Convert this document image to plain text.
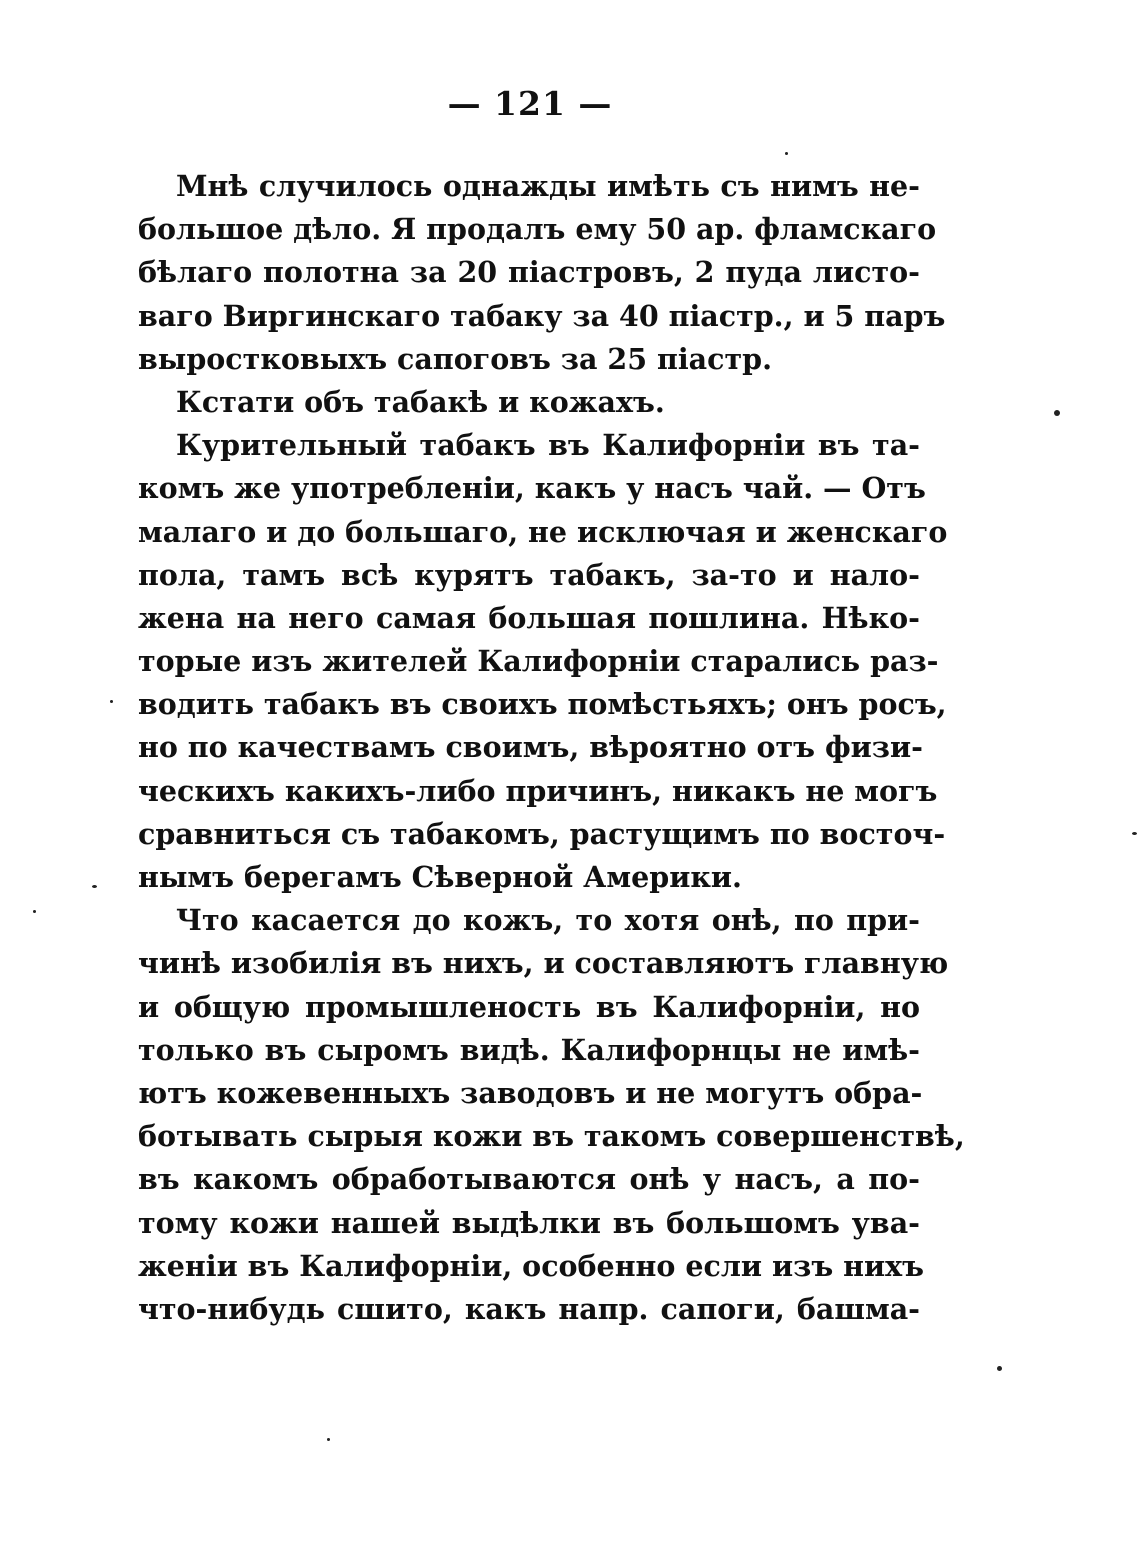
— 121 —
Мнѣ случилось однажды имѣть съ нимъ не-
большое дѣло. Я продалъ ему 50 ар. фламскаго
бѣлаго полотна за 20 піастровъ, 2 пуда листо-
ваго Виргинскаго табаку за 40 піастр., и 5 паръ
выростковыхъ сапоговъ за 25 піастр.
Кстати объ табакѣ и кожахъ.
Курительный табакъ въ Калифорніи въ та-
комъ же употребленіи, какъ у насъ чай. — Отъ
малаго и до большаго, не исключая и женскаго
пола, тамъ всѣ курятъ табакъ, за-то и нало-
жена на него самая большая пошлина. Нѣко-
торые изъ жителей Калифорніи старались раз-
водить табакъ въ своихъ помѣстьяхъ; онъ росъ,
но по качествамъ своимъ, вѣроятно отъ физи-
ческихъ какихъ-либо причинъ, никакъ не могъ
сравниться съ табакомъ, растущимъ по восточ-
нымъ берегамъ Сѣверной Америки.
Что касается до кожъ, то хотя онѣ, по при-
чинѣ изобилія въ нихъ, и составляютъ главную
и общую промышленость въ Калифорніи, но
только въ сыромъ видѣ. Калифорнцы не имѣ-
ютъ кожевенныхъ заводовъ и не могутъ обра-
ботывать сырыя кожи въ такомъ совершенствѣ,
въ какомъ обработываются онѣ у насъ, а по-
тому кожи нашей выдѣлки въ большомъ ува-
женіи въ Калифорніи, особенно если изъ нихъ
что-нибудь сшито, какъ напр. сапоги, башма-
